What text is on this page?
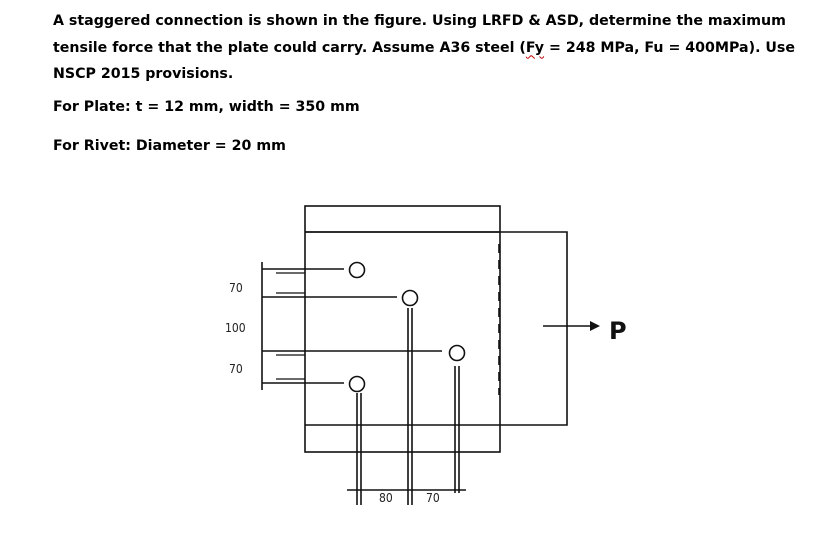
A staggered connection is shown in the figure. Using LRFD & ASD, determine the maximum tensile force that the plate could carry. Assume A36 steel (Fy = 248 MPa, Fu = 400MPa). Use NSCP 2015 provisions.

For Plate: t = 12 mm, width = 350 mm

For Rivet: Diameter = 20 mm

70
100
70
80	70
P
